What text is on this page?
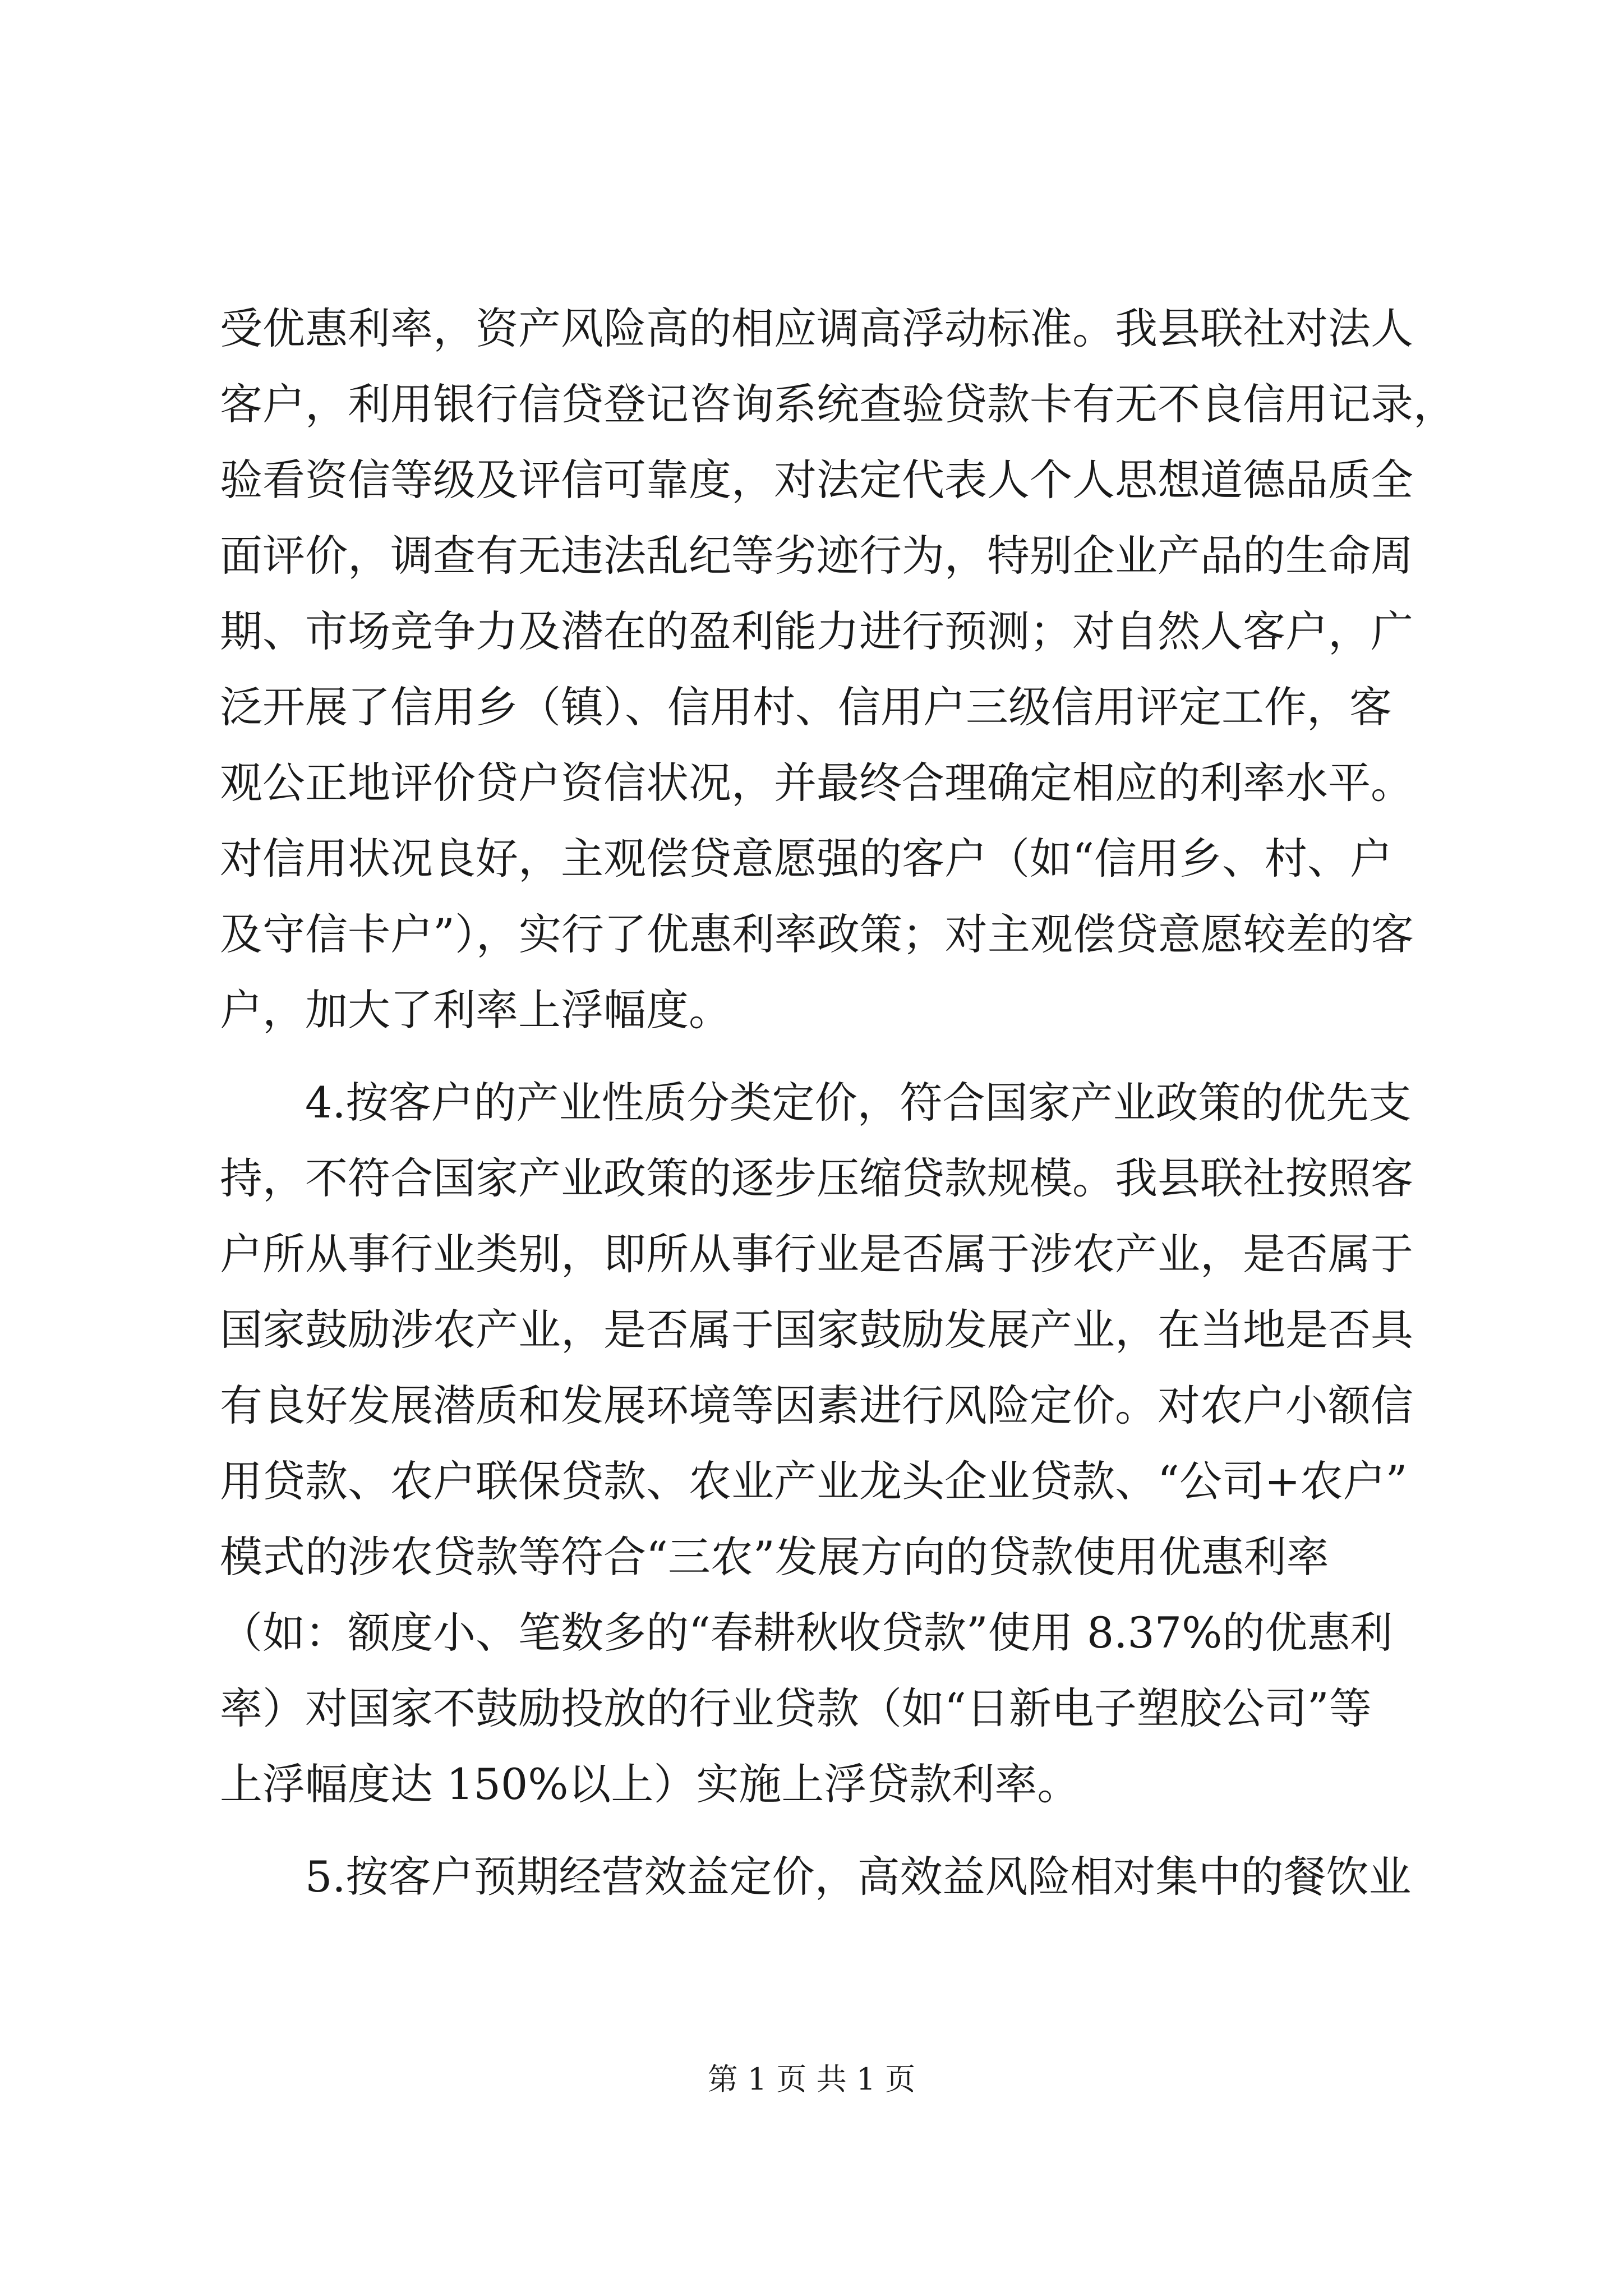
受优惠利率，资产风险高的相应调高浮动标准。我县联社对法人
客户，利用银行信贷登记咨询系统查验贷款卡有无不良信用记录，
验看资信等级及评信可靠度，对法定代表人个人思想道德品质全
面评价，调查有无违法乱纪等劣迹行为，特别企业产品的生命周
期、市场竞争力及潜在的盈利能力进行预测；对自然人客户，广
泛开展了信用乡（镇）、信用村、信用户三级信用评定工作，客
观公正地评价贷户资信状况，并最终合理确定相应的利率水平。
对信用状况良好，主观偿贷意愿强的客户（如“信用乡、村、户
及守信卡户”），实行了优惠利率政策；对主观偿贷意愿较差的客
户，加大了利率上浮幅度。
4.按客户的产业性质分类定价，符合国家产业政策的优先支
持，不符合国家产业政策的逐步压缩贷款规模。我县联社按照客
户所从事行业类别，即所从事行业是否属于涉农产业，是否属于
国家鼓励涉农产业，是否属于国家鼓励发展产业，在当地是否具
有良好发展潜质和发展环境等因素进行风险定价。对农户小额信
用贷款、农户联保贷款、农业产业龙头企业贷款、“公司+农户”
模式的涉农贷款等符合“三农”发展方向的贷款使用优惠利率
（如：额度小、笔数多的“春耕秋收贷款”使用 8.37%的优惠利
率）对国家不鼓励投放的行业贷款（如“日新电子塑胶公司”等
上浮幅度达 150%以上）实施上浮贷款利率。
5.按客户预期经营效益定价，高效益风险相对集中的餐饮业
第 1 页 共 1 页
